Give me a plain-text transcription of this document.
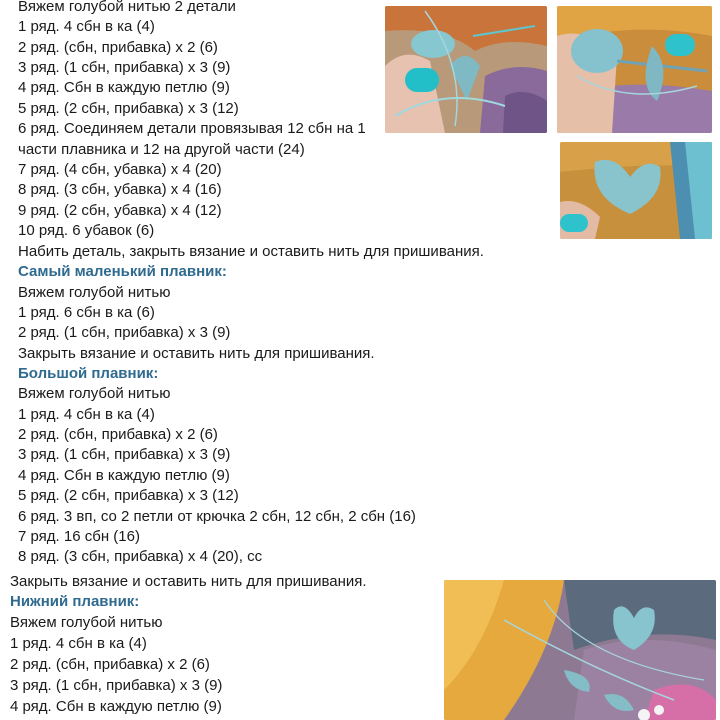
Вяжем голубой нитью 2 детали
1 ряд. 4 сбн в ка (4)
2 ряд. (сбн, прибавка) х 2 (6)
3 ряд. (1 сбн, прибавка) х 3 (9)
4 ряд. Сбн в каждую петлю (9)
5 ряд. (2 сбн, прибавка) х 3 (12)
6 ряд. Соединяем детали провязывая 12 сбн на 1
части плавника и 12 на другой части (24)
7 ряд. (4 сбн, убавка) х 4 (20)
8 ряд. (3 сбн, убавка) х 4 (16)
9 ряд. (2 сбн, убавка) х 4 (12)
10 ряд. 6 убавок (6)
Набить деталь, закрыть вязание и оставить нить для пришивания.
Самый маленький плавник:
Вяжем голубой нитью
1 ряд. 6 сбн в ка (6)
2 ряд. (1 сбн, прибавка) х 3 (9)
Закрыть вязание и оставить нить для пришивания.
Большой плавник:
Вяжем голубой нитью
1 ряд. 4 сбн в ка (4)
2 ряд. (сбн, прибавка) х 2 (6)
3 ряд. (1 сбн, прибавка) х 3 (9)
4 ряд. Сбн в каждую петлю (9)
5 ряд. (2 сбн, прибавка) х 3 (12)
6 ряд. 3 вп, со 2 петли от крючка 2 сбн, 12 сбн, 2 сбн (16)
7 ряд. 16 сбн (16)
8 ряд. (3 сбн, прибавка) х 4 (20), сс
Закрыть вязание и оставить нить для пришивания.
Нижний плавник:
Вяжем голубой нитью
1 ряд. 4 сбн в ка (4)
2 ряд. (сбн, прибавка) х 2 (6)
3 ряд. (1 сбн, прибавка) х 3 (9)
4 ряд. Сбн в каждую петлю (9)
